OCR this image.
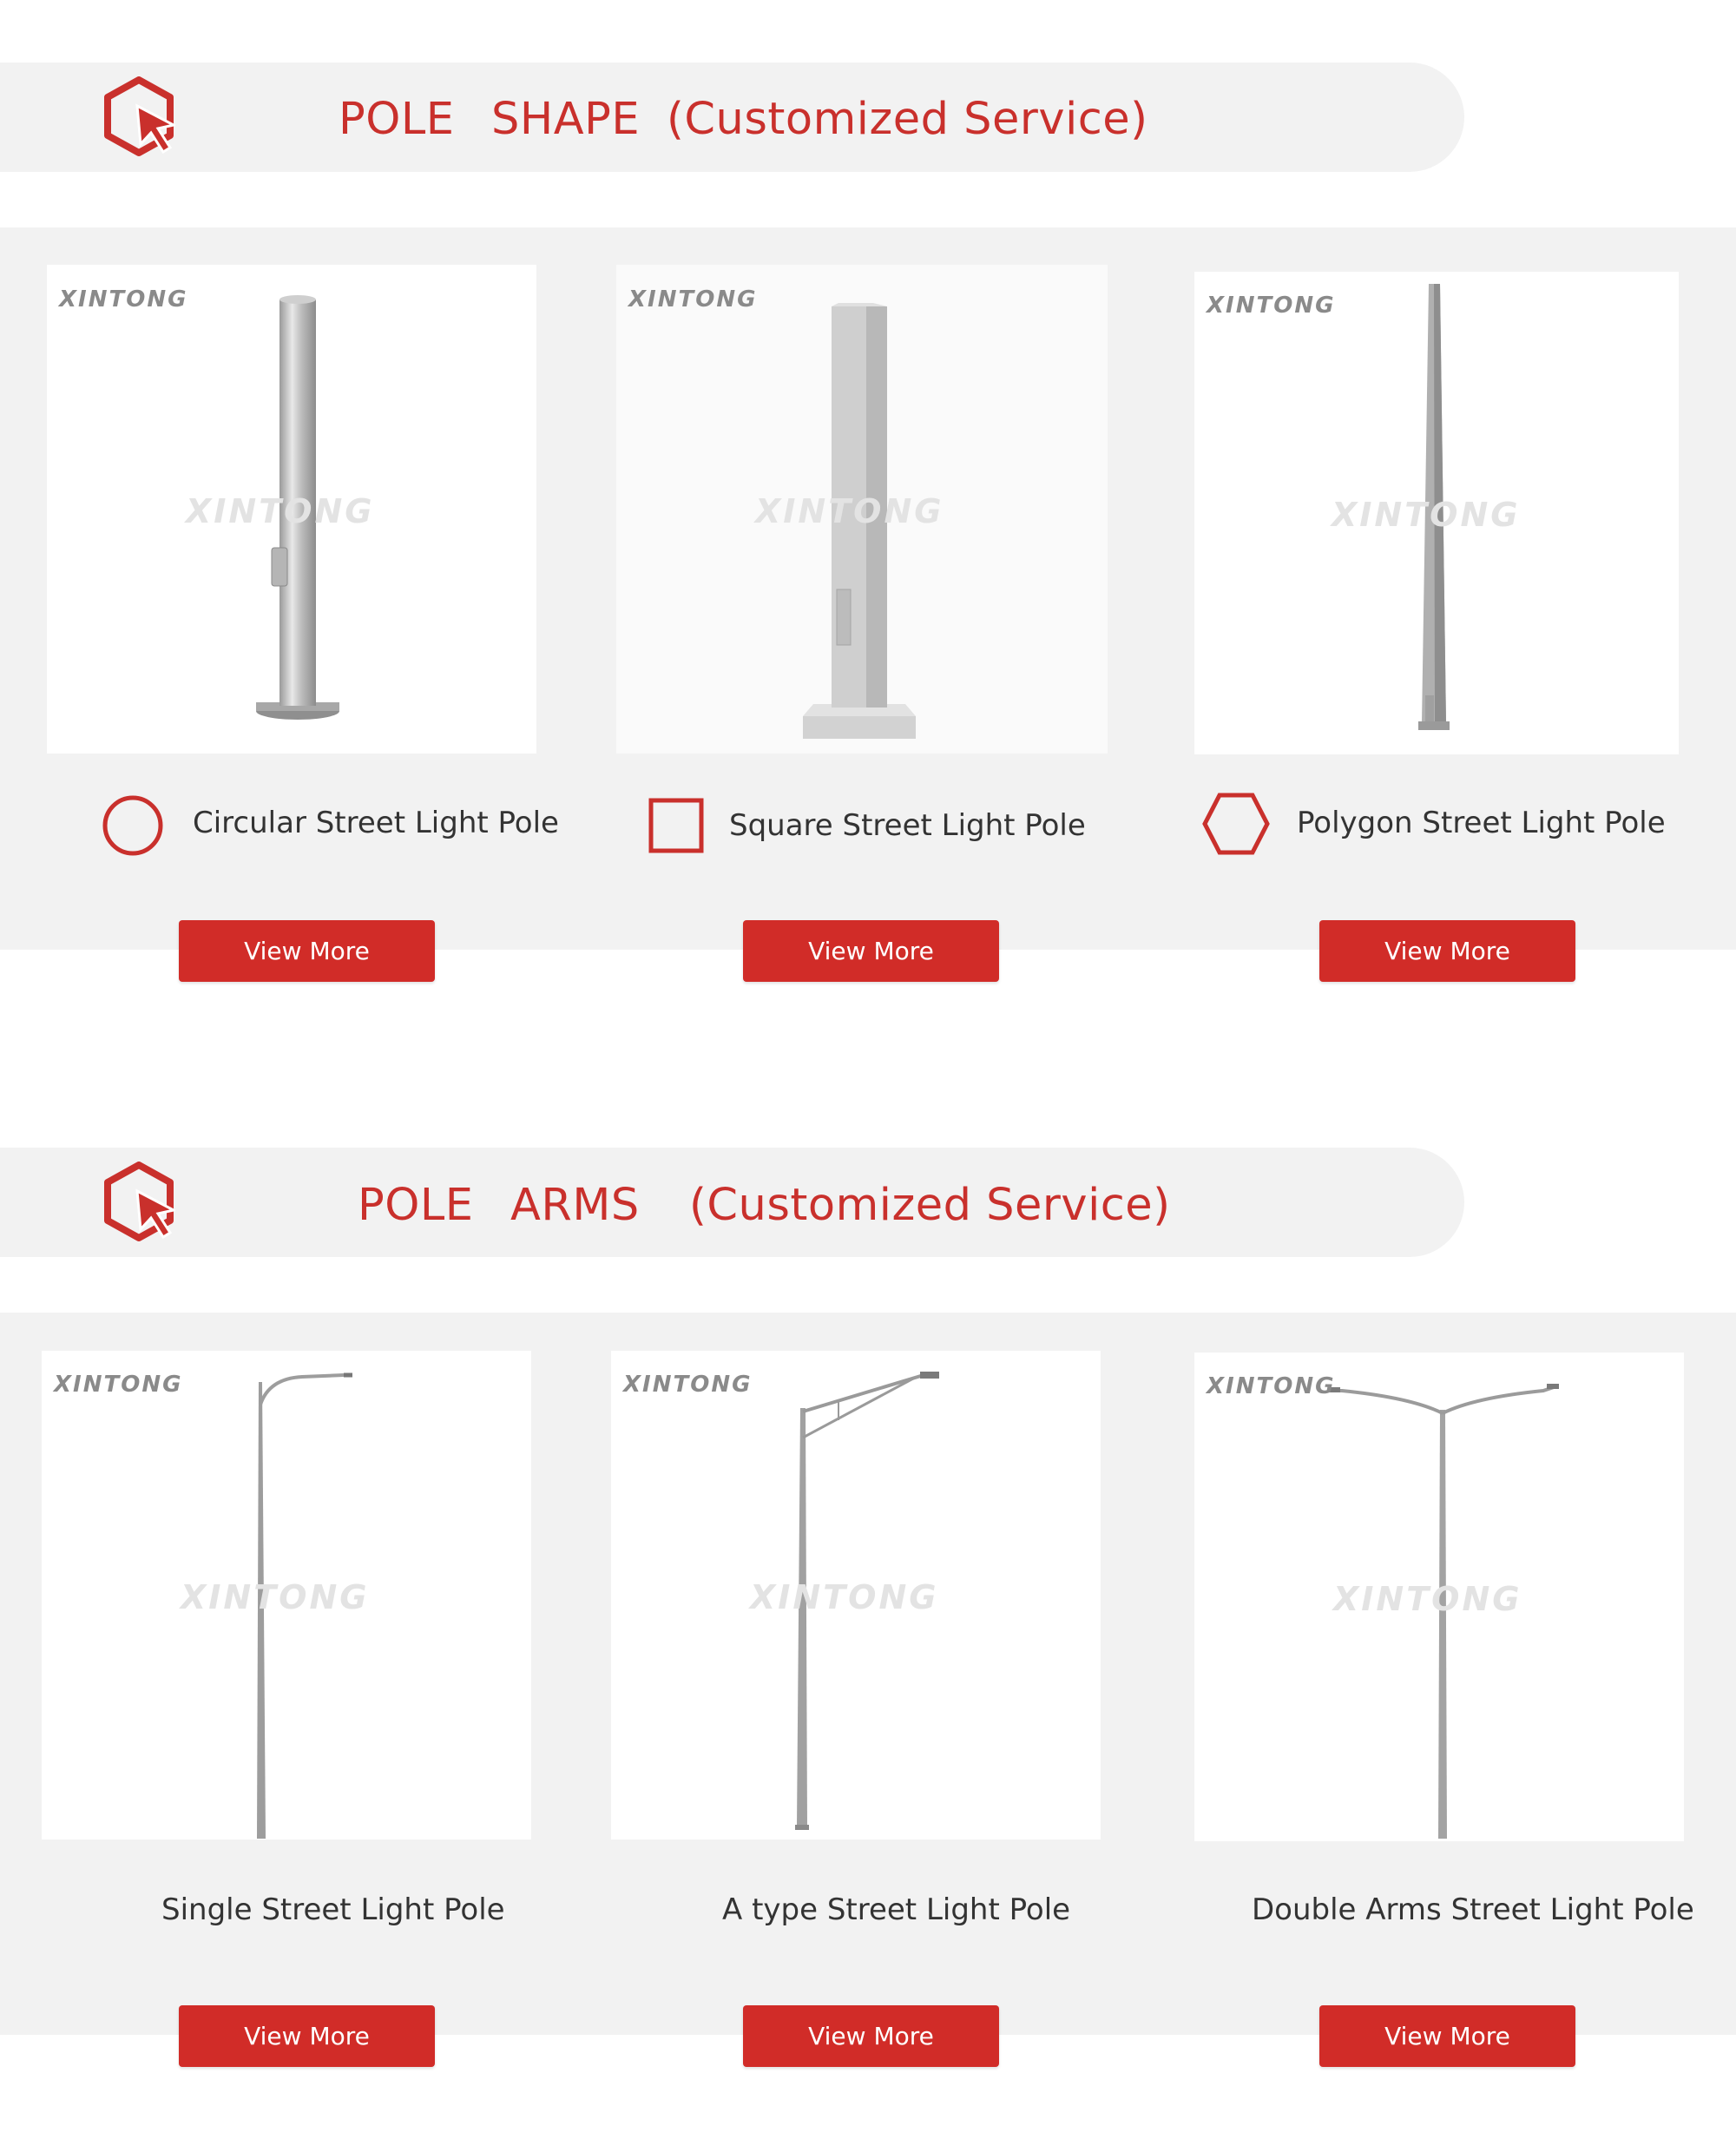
POLE SHAPE (Customized Service)
XINTONG
XINTONG
XINTONG
XINTONG
XINTONG
XINTONG
Circular Street Light Pole	Square Street Light Pole	Polygon Street Light Pole
View More	View More	View More
POLE ARMS (Customized Service)
XINTONG
XINTONG
XINTONG
XINTONG
XINTONG
XINTONG
Single Street Light Pole	A type Street Light Pole	Double Arms Street Light Pole
View More	View More	View More
